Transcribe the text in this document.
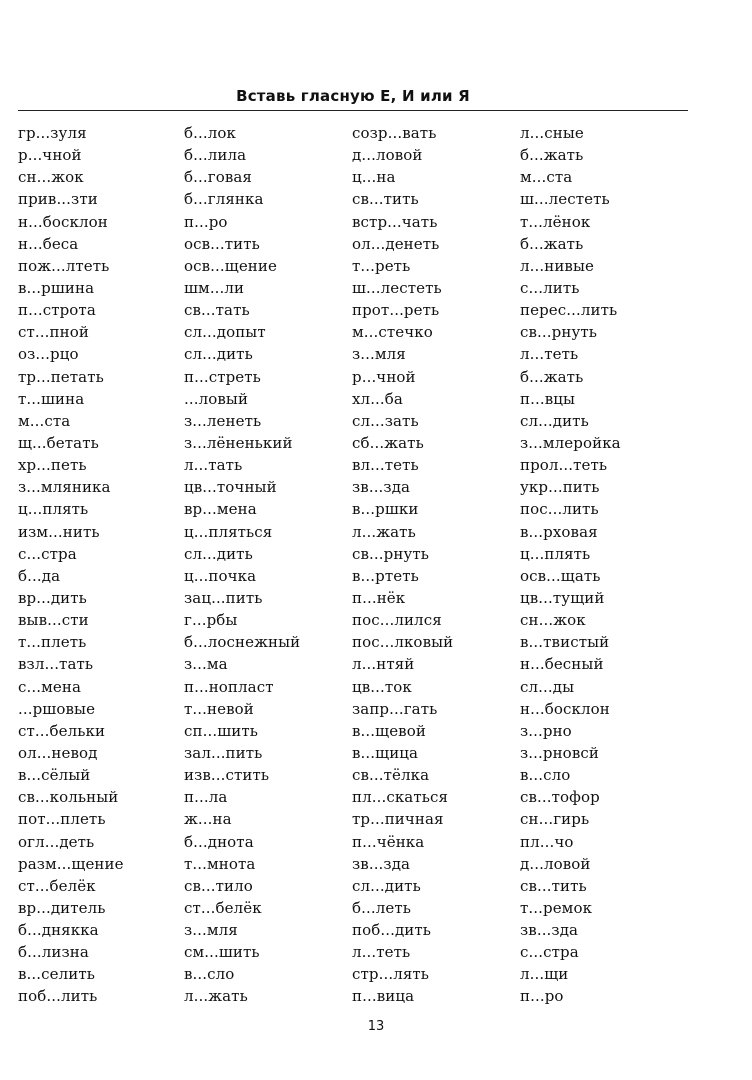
Вставь гласную Е, И или Я
гр...зуля
р...чной
сн...жок
прив...зти
н...босклон
н...беса
пож...лтеть
в...ршина
п...строта
ст...пной
оз...рцо
тр...петать
т...шина
м...ста
щ...бетать
хр...петь
з...мляника
ц...плять
изм...нить
с...стра
б...да
вр...дить
выв...сти
т...плеть
взл...тать
с...мена
...ршовые
ст...бельки
ол...невод
в...сёлый
св...кольный
пот...плеть
огл...деть
разм...щение
ст...белёк
вр...дитель
б...днякка
б...лизна
в...селить
поб...лить
б...лок
б...лила
б...говая
б...глянка
п...ро
осв...тить
осв...щение
шм...ли
св...тать
сл...допыт
сл...дить
п...стреть
...ловый
з...ленеть
з...лёненький
л...тать
цв...точный
вр...мена
ц...пляться
сл...дить
ц...почка
зац...пить
г...рбы
б...лоснежный
з...ма
п...нопласт
т...невой
сп...шить
зал...пить
изв...стить
п...ла
ж...на
б...днота
т...мнота
св...тило
ст...белёк
з...мля
см...шить
в...сло
л...жать
созр...вать
д...ловой
ц...на
св...тить
встр...чать
ол...денеть
т...реть
ш...лестеть
прот...реть
м...стечко
з...мля
р...чной
хл...ба
сл...зать
сб...жать
вл...теть
зв...зда
в...ршки
л...жать
св...рнуть
в...ртеть
п...нёк
пос...лился
пос...лковый
л...нтяй
цв...ток
запр...гать
в...щевой
в...щица
св...тёлка
пл...скаться
тр...пичная
п...чёнка
зв...зда
сл...дить
б...леть
поб...дить
л...теть
стр...лять
п...вица
л...сные
б...жать
м...ста
ш...лестеть
т...лёнок
б...жать
л...нивые
с...лить
перес...лить
св...рнуть
л...теть
б...жать
п...вцы
сл...дить
з...млеройка
прол...теть
укр...пить
пос...лить
в...рховая
ц...плять
осв...щать
цв...тущий
сн...жок
в...твистый
н...бесный
сл...ды
н...босклон
з...рно
з...рновсй
в...сло
св...тофор
сн...гирь
пл...чо
д...ловой
св...тить
т...ремок
зв...зда
с...стра
л...щи
п...ро
13
